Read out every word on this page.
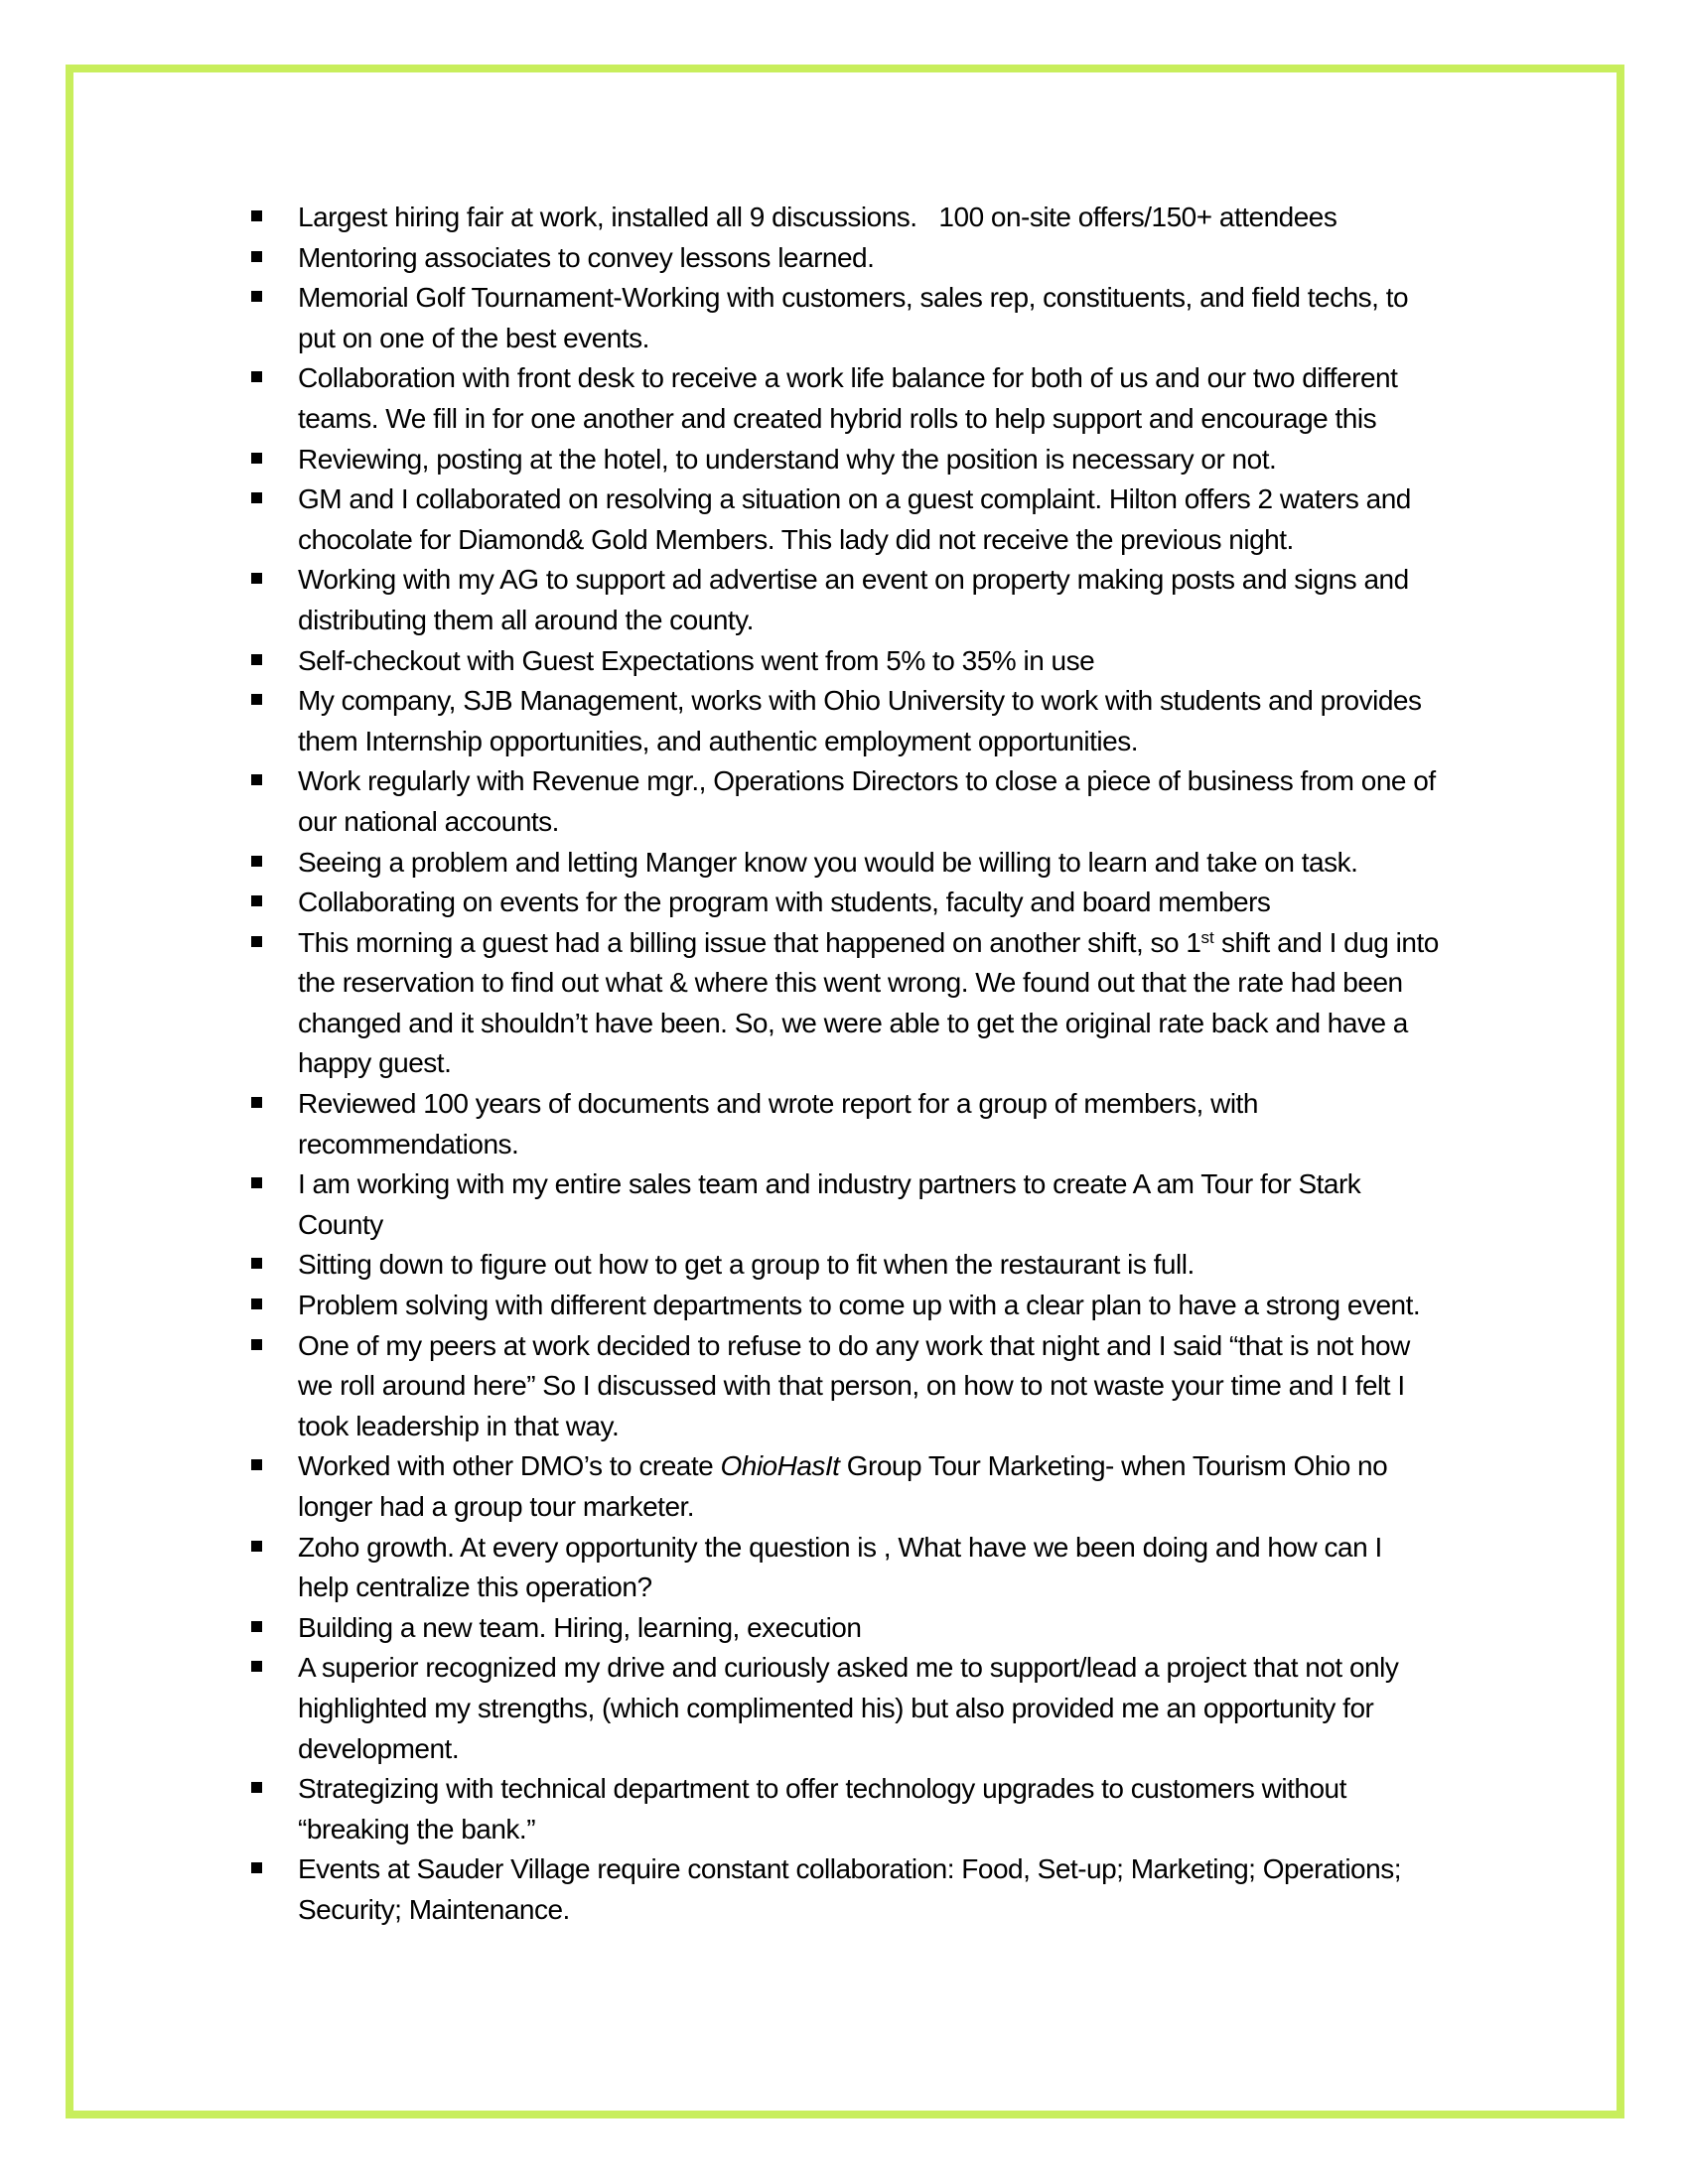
Largest hiring fair at work, installed all 9 discussions.   100 on-site offers/150+ attendees
Mentoring associates to convey lessons learned.
Memorial Golf Tournament-Working with customers, sales rep, constituents, and field techs, to
put on one of the best events.
Collaboration with front desk to receive a work life balance for both of us and our two different
teams. We fill in for one another and created hybrid rolls to help support and encourage this
Reviewing, posting at the hotel, to understand why the position is necessary or not.
GM and I collaborated on resolving a situation on a guest complaint. Hilton offers 2 waters and
chocolate for Diamond& Gold Members. This lady did not receive the previous night.
Working with my AG to support ad advertise an event on property making posts and signs and
distributing them all around the county.
Self-checkout with Guest Expectations went from 5% to 35% in use
My company, SJB Management, works with Ohio University to work with students and provides
them Internship opportunities, and authentic employment opportunities.
Work regularly with Revenue mgr., Operations Directors to close a piece of business from one of
our national accounts.
Seeing a problem and letting Manger know you would be willing to learn and take on task.
Collaborating on events for the program with students, faculty and board members
This morning a guest had a billing issue that happened on another shift, so 1st shift and I dug into
the reservation to find out what & where this went wrong. We found out that the rate had been
changed and it shouldn’t have been. So, we were able to get the original rate back and have a
happy guest.
Reviewed 100 years of documents and wrote report for a group of members, with
recommendations.
I am working with my entire sales team and industry partners to create A am Tour for Stark
County
Sitting down to figure out how to get a group to fit when the restaurant is full.
Problem solving with different departments to come up with a clear plan to have a strong event.
One of my peers at work decided to refuse to do any work that night and I said “that is not how
we roll around here” So I discussed with that person, on how to not waste your time and I felt I
took leadership in that way.
Worked with other DMO’s to create OhioHasIt Group Tour Marketing- when Tourism Ohio no
longer had a group tour marketer.
Zoho growth. At every opportunity the question is , What have we been doing and how can I
help centralize this operation?
Building a new team. Hiring, learning, execution
A superior recognized my drive and curiously asked me to support/lead a project that not only
highlighted my strengths, (which complimented his) but also provided me an opportunity for
development.
Strategizing with technical department to offer technology upgrades to customers without
“breaking the bank.”
Events at Sauder Village require constant collaboration: Food, Set-up; Marketing; Operations;
Security; Maintenance.
